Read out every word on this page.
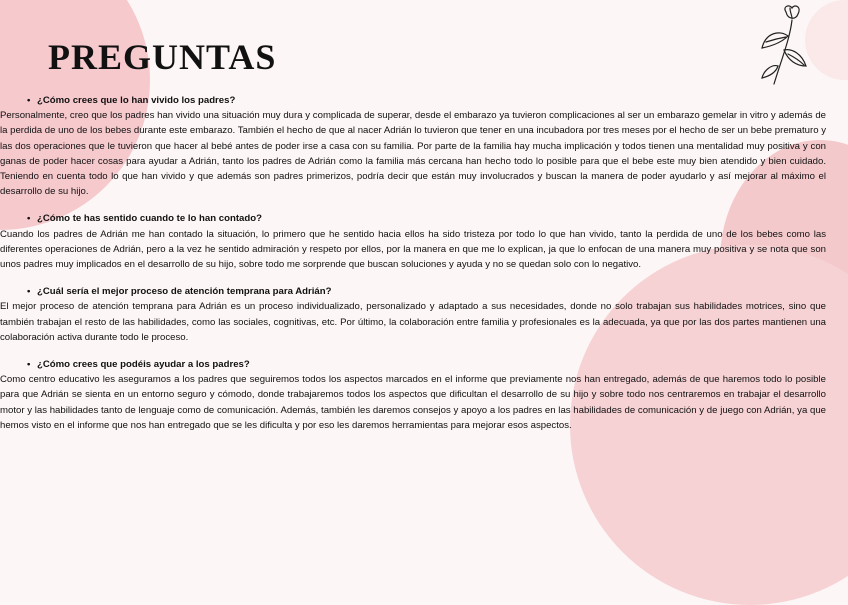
PREGUNTAS

• ¿Cómo crees que lo han vivido los padres?

Personalmente, creo que los padres han vivido una situación muy dura y complicada de superar, desde el embarazo ya tuvieron complicaciones al ser un embarazo gemelar in vitro y además de la perdida de uno de los bebes durante este embarazo. También el hecho de que al nacer Adrián lo tuvieron que tener en una incubadora por tres meses por el hecho de ser un bebe prematuro y las dos operaciones que le tuvieron que hacer al bebé antes de poder irse a casa con su familia. Por parte de la familia hay mucha implicación y todos tienen una mentalidad muy positiva y con ganas de poder hacer cosas para ayudar a Adrián, tanto los padres de Adrián como la familia más cercana han hecho todo lo posible para que el bebe este muy bien atendido y bien cuidado. Teniendo en cuenta todo lo que han vivido y que además son padres primerizos, podría decir que están muy involucrados y buscan la manera de poder ayudarlo y así mejorar al máximo el desarrollo de su hijo.

• ¿Cómo te has sentido cuando te lo han contado?

Cuando los padres de Adrián me han contado la situación, lo primero que he sentido hacia ellos ha sido tristeza por todo lo que han vivido, tanto la perdida de uno de los bebes como las diferentes operaciones de Adrián, pero a la vez he sentido admiración y respeto por ellos, por la manera en que me lo explican, ja que lo enfocan de una manera muy positiva y se nota que son unos padres muy implicados en el desarrollo de su hijo, sobre todo me sorprende que buscan soluciones y ayuda y no se quedan solo con lo negativo.

• ¿Cuál sería el mejor proceso de atención temprana para Adrián?

El mejor proceso de atención temprana para Adrián es un proceso individualizado, personalizado y adaptado a sus necesidades, donde no solo trabajan sus habilidades motrices, sino que también trabajan el resto de las habilidades, como las sociales, cognitivas, etc. Por último, la colaboración entre familia y profesionales es la adecuada, ya que por las dos partes mantienen una colaboración activa durante todo le proceso.

• ¿Cómo crees que podéis ayudar a los padres?

Como centro educativo les aseguramos a los padres que seguiremos todos los aspectos marcados en el informe que previamente nos han entregado, además de que haremos todo lo posible para que Adrián se sienta en un entorno seguro y cómodo, donde trabajaremos todos los aspectos que dificultan el desarrollo de su hijo y sobre todo nos centraremos en trabajar el desarrollo motor y las habilidades tanto de lenguaje como de comunicación. Además, también les daremos consejos y apoyo a los padres en las habilidades de comunicación y de juego con Adrián, ya que hemos visto en el informe que nos han entregado que se les dificulta y por eso les daremos herramientas para mejorar esos aspectos.
